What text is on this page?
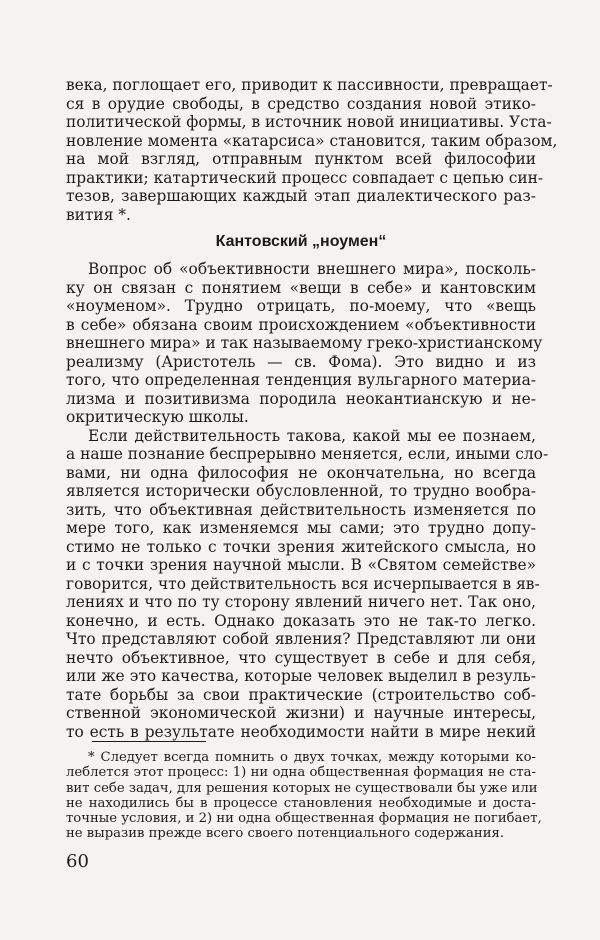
века, поглощает его, приводит к пассивности, превращает-
ся в орудие свободы, в средство создания новой этико-
политической формы, в источник новой инициативы. Уста-
новление момента «катарсиса» становится, таким образом,
на мой взгляд, отправным пунктом всей философии
практики; катартический процесс совпадает с цепью син-
тезов, завершающих каждый этап диалектического раз-
вития *.
Кантовский „ноумен“
Вопрос об «объективности внешнего мира», посколь-
ку он связан с понятием «вещи в себе» и кантовским
«ноуменом». Трудно отрицать, по-моему, что «вещь
в себе» обязана своим происхождением «объективности
внешнего мира» и так называемому греко-христианскому
реализму (Аристотель — св. Фома). Это видно и из
того, что определенная тенденция вульгарного материа-
лизма и позитивизма породила неокантианскую и не-
окритическую школы.
Если действительность такова, какой мы ее познаем,
а наше познание беспрерывно меняется, если, иными сло-
вами, ни одна философия не окончательна, но всегда
является исторически обусловленной, то трудно вообра-
зить, что объективная действительность изменяется по
мере того, как изменяемся мы сами; это трудно допу-
стимо не только с точки зрения житейского смысла, но
и с точки зрения научной мысли. В «Святом семействе»
говорится, что действительность вся исчерпывается в яв-
лениях и что по ту сторону явлений ничего нет. Так оно,
конечно, и есть. Однако доказать это не так-то легко.
Что представляют собой явления? Представляют ли они
нечто объективное, что существует в себе и для себя,
или же это качества, которые человек выделил в резуль-
тате борьбы за свои практические (строительство соб-
ственной экономической жизни) и научные интересы,
то есть в результате необходимости найти в мире некий
* Следует всегда помнить о двух точках, между которыми ко-
леблется этот процесс: 1) ни одна общественная формация не ста-
вит себе задач, для решения которых не существовали бы уже или
не находились бы в процессе становления необходимые и доста-
точные условия, и 2) ни одна общественная формация не погибает,
не выразив прежде всего своего потенциального содержания.
60
